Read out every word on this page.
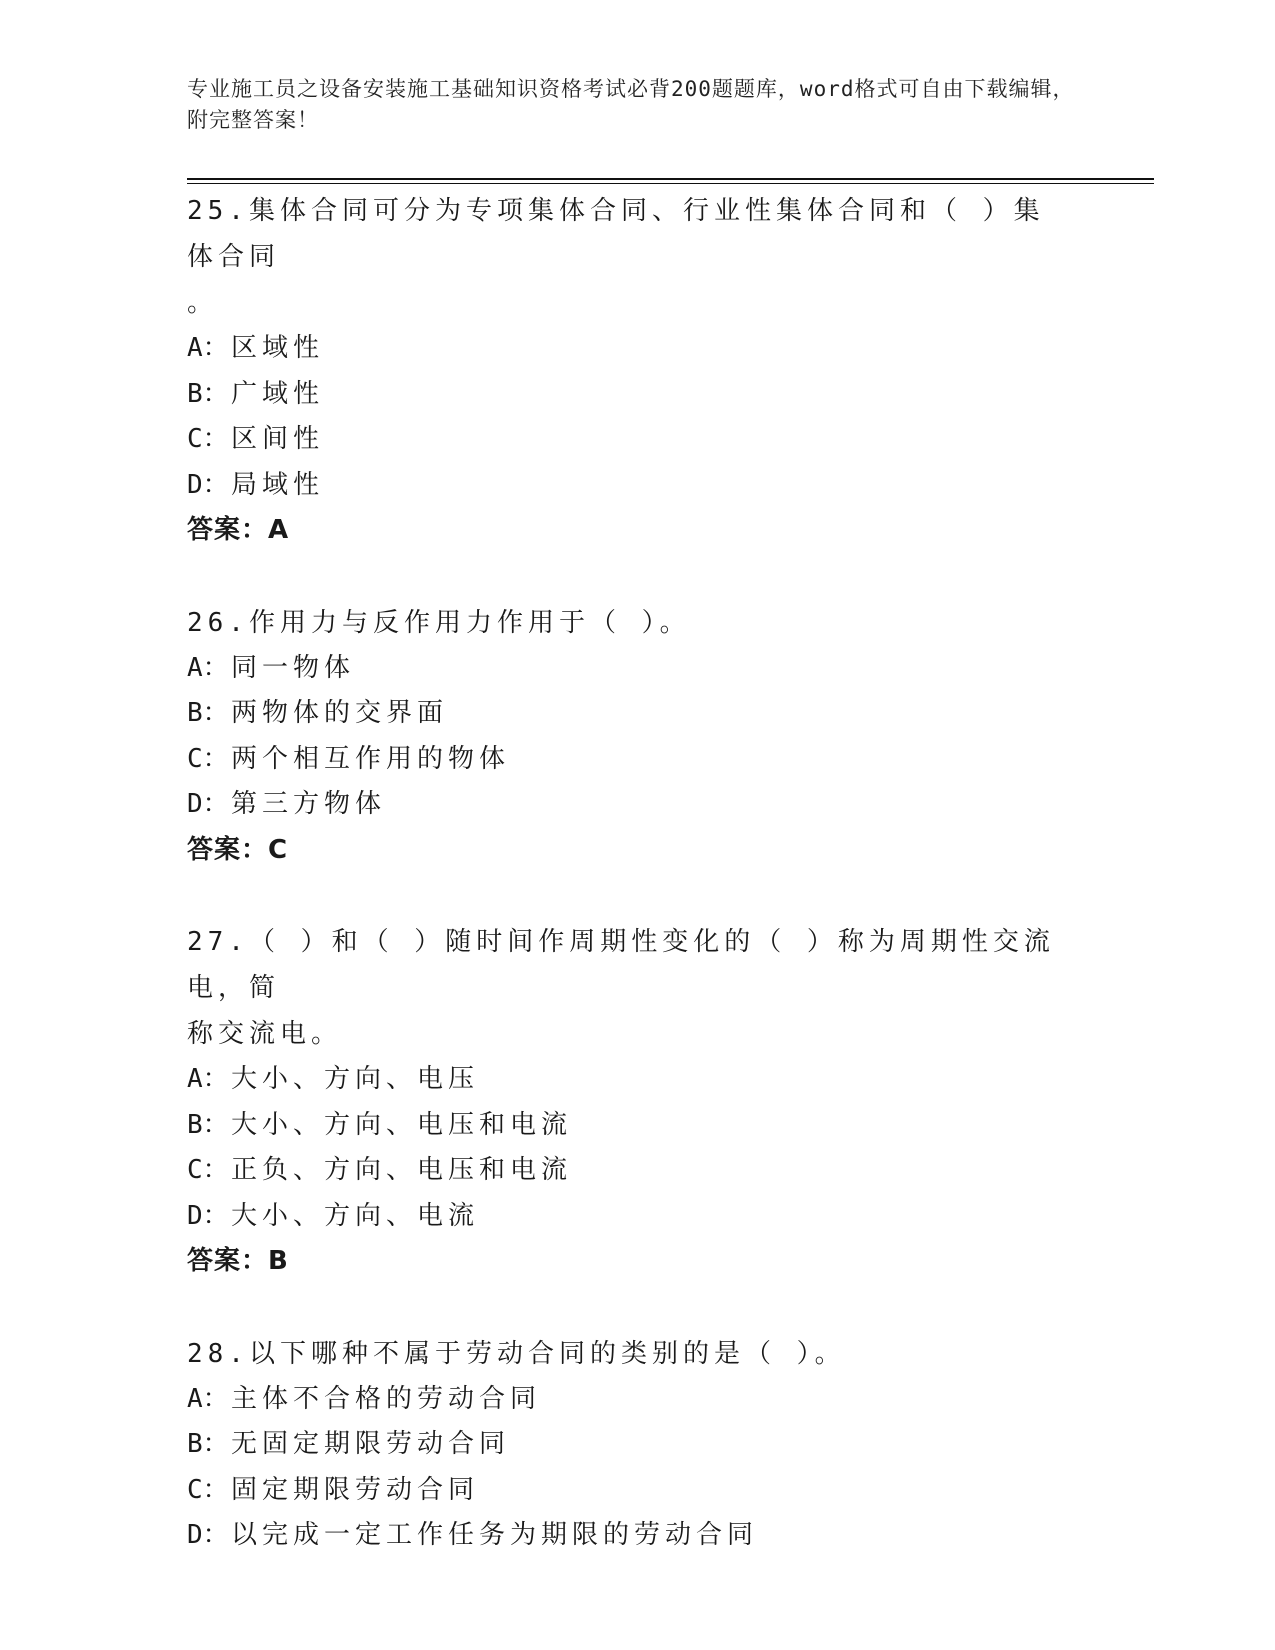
专业施工员之设备安装施工基础知识资格考试必背200题题库，word格式可自由下载编辑，附完整答案！

25.集体合同可分为专项集体合同、行业性集体合同和（ ）集体合同
。

A：区域性

B：广域性

C：区间性

D：局域性

答案：A

26.作用力与反作用力作用于（ ）。

A：同一物体

B：两物体的交界面

C：两个相互作用的物体

D：第三方物体

答案：C

27.（ ）和（ ）随时间作周期性变化的（ ）称为周期性交流电，简
称交流电。

A：大小、方向、电压

B：大小、方向、电压和电流

C：正负、方向、电压和电流

D：大小、方向、电流

答案：B

28.以下哪种不属于劳动合同的类别的是（ ）。

A：主体不合格的劳动合同

B：无固定期限劳动合同

C：固定期限劳动合同

D：以完成一定工作任务为期限的劳动合同
